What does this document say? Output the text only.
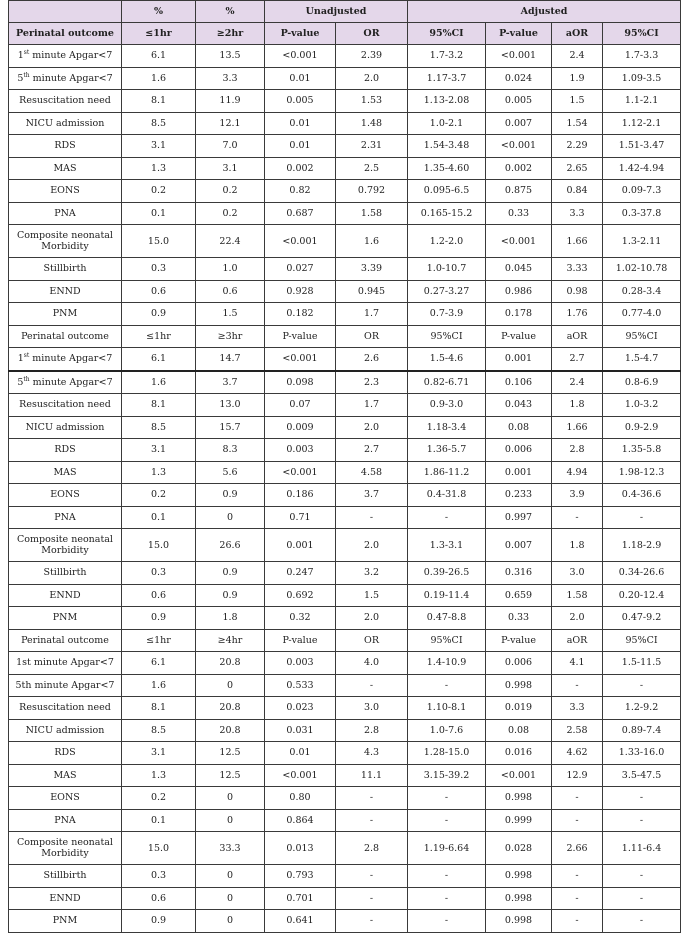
	%	%	Unadjusted		Adjusted			
Perinatal outcome	≤1hr	≥2hr	P-value	OR	95%CI	P-value	aOR	95%CI
1st minute Apgar<7	6.1	13.5	<0.001	2.39	1.7-3.2	<0.001	2.4	1.7-3.3
5th minute Apgar<7	1.6	3.3	0.01	2.0	1.17-3.7	0.024	1.9	1.09-3.5
Resuscitation need	8.1	11.9	0.005	1.53	1.13-2.08	0.005	1.5	1.1-2.1
NICU admission	8.5	12.1	0.01	1.48	1.0-2.1	0.007	1.54	1.12-2.1
RDS	3.1	7.0	0.01	2.31	1.54-3.48	<0.001	2.29	1.51-3.47
MAS	1.3	3.1	0.002	2.5	1.35-4.60	0.002	2.65	1.42-4.94
EONS	0.2	0.2	0.82	0.792	0.095-6.5	0.875	0.84	0.09-7.3
PNA	0.1	0.2	0.687	1.58	0.165-15.2	0.33	3.3	0.3-37.8
Composite neonatal Morbidity	15.0	22.4	<0.001	1.6	1.2-2.0	<0.001	1.66	1.3-2.11
Stillbirth	0.3	1.0	0.027	3.39	1.0-10.7	0.045	3.33	1.02-10.78
ENND	0.6	0.6	0.928	0.945	0.27-3.27	0.986	0.98	0.28-3.4
PNM	0.9	1.5	0.182	1.7	0.7-3.9	0.178	1.76	0.77-4.0
Perinatal outcome	≤1hr	≥3hr	P-value	OR	95%CI	P-value	aOR	95%CI
1st minute Apgar<7	6.1	14.7	<0.001	2.6	1.5-4.6	0.001	2.7	1.5-4.7
5th minute Apgar<7	1.6	3.7	0.098	2.3	0.82-6.71	0.106	2.4	0.8-6.9
Resuscitation need	8.1	13.0	0.07	1.7	0.9-3.0	0.043	1.8	1.0-3.2
NICU admission	8.5	15.7	0.009	2.0	1.18-3.4	0.08	1.66	0.9-2.9
RDS	3.1	8.3	0.003	2.7	1.36-5.7	0.006	2.8	1.35-5.8
MAS	1.3	5.6	<0.001	4.58	1.86-11.2	0.001	4.94	1.98-12.3
EONS	0.2	0.9	0.186	3.7	0.4-31.8	0.233	3.9	0.4-36.6
PNA	0.1	0	0.71	-	-	0.997	-	-
Composite neonatal Morbidity	15.0	26.6	0.001	2.0	1.3-3.1	0.007	1.8	1.18-2.9
Stillbirth	0.3	0.9	0.247	3.2	0.39-26.5	0.316	3.0	0.34-26.6
ENND	0.6	0.9	0.692	1.5	0.19-11.4	0.659	1.58	0.20-12.4
PNM	0.9	1.8	0.32	2.0	0.47-8.8	0.33	2.0	0.47-9.2
Perinatal outcome	≤1hr	≥4hr	P-value	OR	95%CI	P-value	aOR	95%CI
1st minute Apgar<7	6.1	20.8	0.003	4.0	1.4-10.9	0.006	4.1	1.5-11.5
5th minute Apgar<7	1.6	0	0.533	-	-	0.998	-	-
Resuscitation need	8.1	20.8	0.023	3.0	1.10-8.1	0.019	3.3	1.2-9.2
NICU admission	8.5	20.8	0.031	2.8	1.0-7.6	0.08	2.58	0.89-7.4
RDS	3.1	12.5	0.01	4.3	1.28-15.0	0.016	4.62	1.33-16.0
MAS	1.3	12.5	<0.001	11.1	3.15-39.2	<0.001	12.9	3.5-47.5
EONS	0.2	0	0.80	-	-	0.998	-	-
PNA	0.1	0	0.864	-	-	0.999	-	-
Composite neonatal Morbidity	15.0	33.3	0.013	2.8	1.19-6.64	0.028	2.66	1.11-6.4
Stillbirth	0.3	0	0.793	-	-	0.998	-	-
ENND	0.6	0	0.701	-	-	0.998	-	-
PNM	0.9	0	0.641	-	-	0.998	-	-
